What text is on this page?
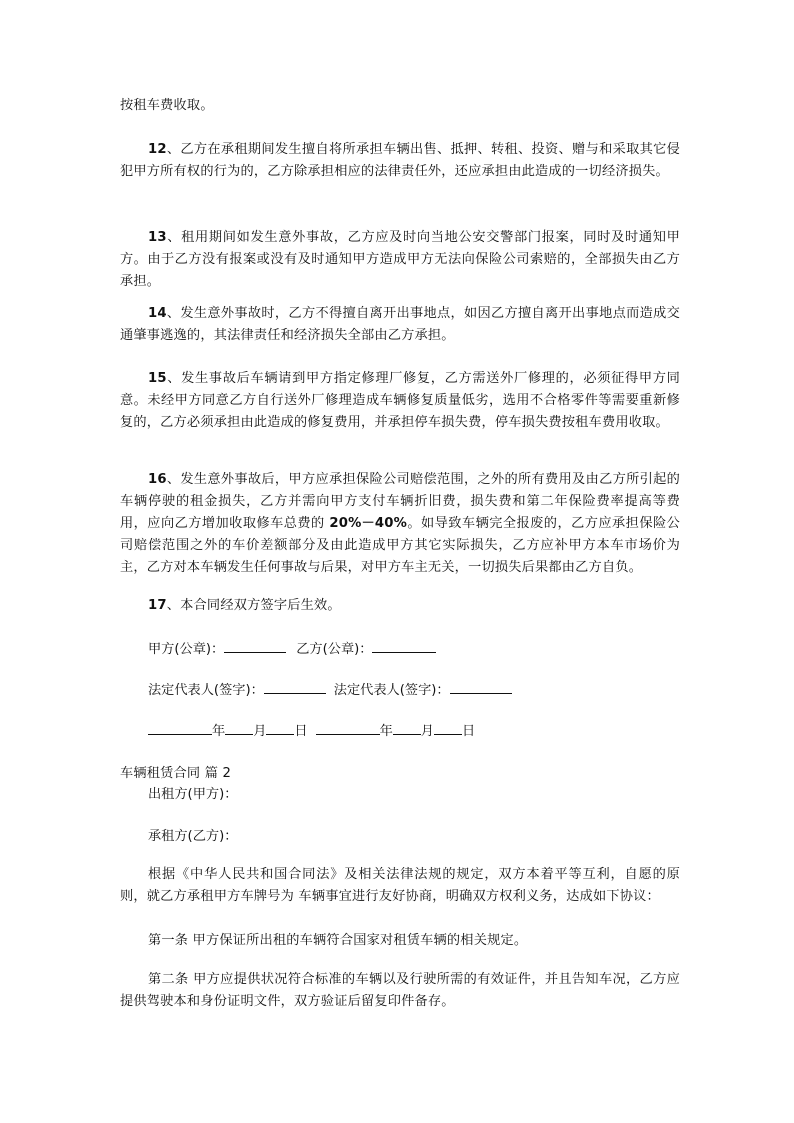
按租车费收取。

12、乙方在承租期间发生擅自将所承担车辆出售、抵押、转租、投资、赠与和采取其它侵犯甲方所有权的行为的，乙方除承担相应的法律责任外，还应承担由此造成的一切经济损失。

13、租用期间如发生意外事故，乙方应及时向当地公安交警部门报案，同时及时通知甲方。由于乙方没有报案或没有及时通知甲方造成甲方无法向保险公司索赔的，全部损失由乙方承担。

14、发生意外事故时，乙方不得擅自离开出事地点，如因乙方擅自离开出事地点而造成交通肇事逃逸的，其法律责任和经济损失全部由乙方承担。

15、发生事故后车辆请到甲方指定修理厂修复，乙方需送外厂修理的，必须征得甲方同意。未经甲方同意乙方自行送外厂修理造成车辆修复质量低劣，选用不合格零件等需要重新修复的，乙方必须承担由此造成的修复费用，并承担停车损失费，停车损失费按租车费用收取。

16、发生意外事故后，甲方应承担保险公司赔偿范围，之外的所有费用及由乙方所引起的车辆停驶的租金损失，乙方并需向甲方支付车辆折旧费，损失费和第二年保险费率提高等费用，应向乙方增加收取修车总费的 20%－40%。如导致车辆完全报废的，乙方应承担保险公司赔偿范围之外的车价差额部分及由此造成甲方其它实际损失，乙方应补甲方本车市场价为主，乙方对本车辆发生任何事故与后果，对甲方车主无关，一切损失后果都由乙方自负。

17、本合同经双方签字后生效。

甲方(公章)：	乙方(公章)：
法定代表人(签字)：	法定代表人(签字)：
年 月 日	年 月 日
车辆租赁合同 篇 2
出租方(甲方)：
承租方(乙方)：

根据《中华人民共和国合同法》及相关法律法规的规定，双方本着平等互利，自愿的原则，就乙方承租甲方车牌号为 车辆事宜进行友好协商，明确双方权利义务，达成如下协议：

第一条 甲方保证所出租的车辆符合国家对租赁车辆的相关规定。

第二条 甲方应提供状况符合标准的车辆以及行驶所需的有效证件，并且告知车况，乙方应提供驾驶本和身份证明文件，双方验证后留复印件备存。
